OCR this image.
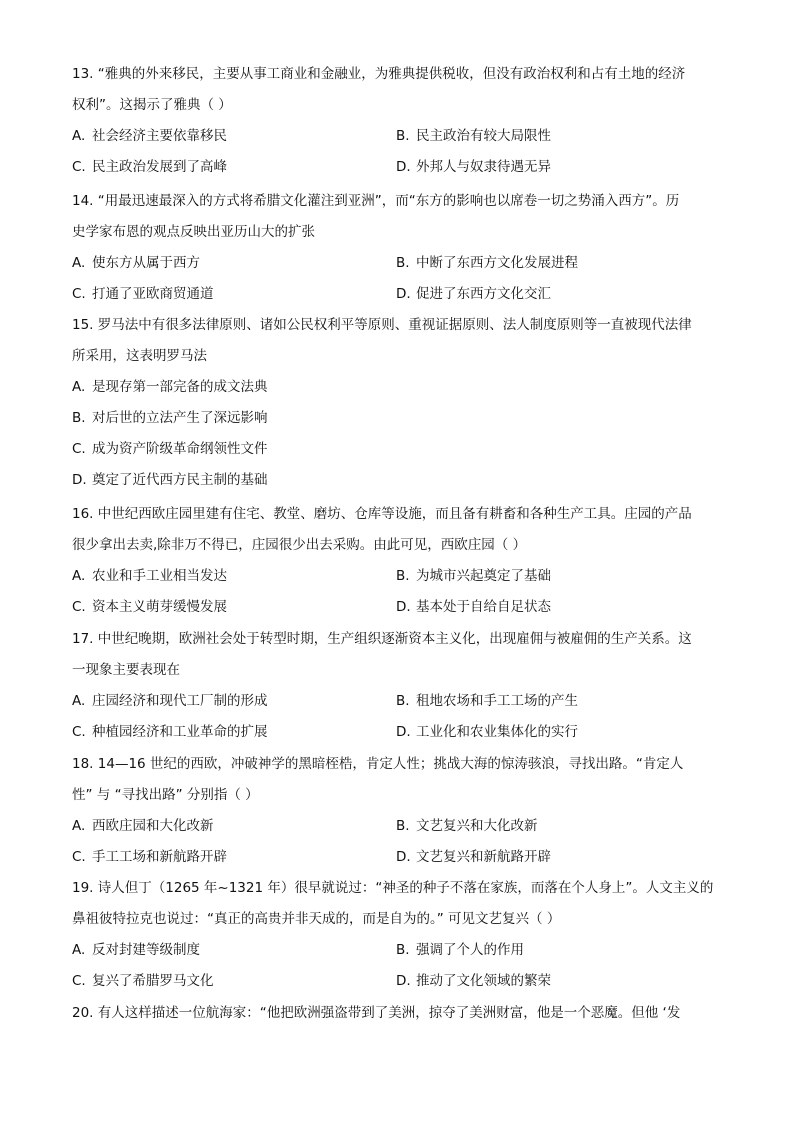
13. “雅典的外来移民，主要从事工商业和金融业，为雅典提供税收，但没有政治权利和占有土地的经济
权利”。这揭示了雅典（ ）
A. 社会经济主要依靠移民	B. 民主政治有较大局限性
C. 民主政治发展到了高峰	D. 外邦人与奴隶待遇无异
14. “用最迅速最深入的方式将希腊文化灌注到亚洲”，而“东方的影响也以席卷一切之势涌入西方”。历
史学家布恩的观点反映出亚历山大的扩张
A. 使东方从属于西方	B. 中断了东西方文化发展进程
C. 打通了亚欧商贸通道	D. 促进了东西方文化交汇
15. 罗马法中有很多法律原则、诸如公民权利平等原则、重视证据原则、法人制度原则等一直被现代法律
所采用，这表明罗马法
A. 是现存第一部完备的成文法典
B. 对后世的立法产生了深远影响
C. 成为资产阶级革命纲领性文件
D. 奠定了近代西方民主制的基础
16. 中世纪西欧庄园里建有住宅、教堂、磨坊、仓库等设施，而且备有耕畜和各种生产工具。庄园的产品
很少拿出去卖,除非万不得已，庄园很少出去采购。由此可见，西欧庄园（ ）
A. 农业和手工业相当发达	B. 为城市兴起奠定了基础
C. 资本主义萌芽缓慢发展	D. 基本处于自给自足状态
17. 中世纪晚期，欧洲社会处于转型时期，生产组织逐渐资本主义化，出现雇佣与被雇佣的生产关系。这
一现象主要表现在
A. 庄园经济和现代工厂制的形成	B. 租地农场和手工工场的产生
C. 种植园经济和工业革命的扩展	D. 工业化和农业集体化的实行
18. 14—16 世纪的西欧，冲破神学的黑暗桎梏，肯定人性；挑战大海的惊涛骇浪，寻找出路。“肯定人
性” 与 “寻找出路” 分别指（ ）
A. 西欧庄园和大化改新	B. 文艺复兴和大化改新
C. 手工工场和新航路开辟	D. 文艺复兴和新航路开辟
19. 诗人但丁（1265 年~1321 年）很早就说过：“神圣的种子不落在家族，而落在个人身上”。人文主义的
鼻祖彼特拉克也说过：“真正的高贵并非天成的，而是自为的。” 可见文艺复兴（ ）
A. 反对封建等级制度	B. 强调了个人的作用
C. 复兴了希腊罗马文化	D. 推动了文化领域的繁荣
20. 有人这样描述一位航海家：“他把欧洲强盗带到了美洲，掠夺了美洲财富，他是一个恶魔。但他 ‘发
